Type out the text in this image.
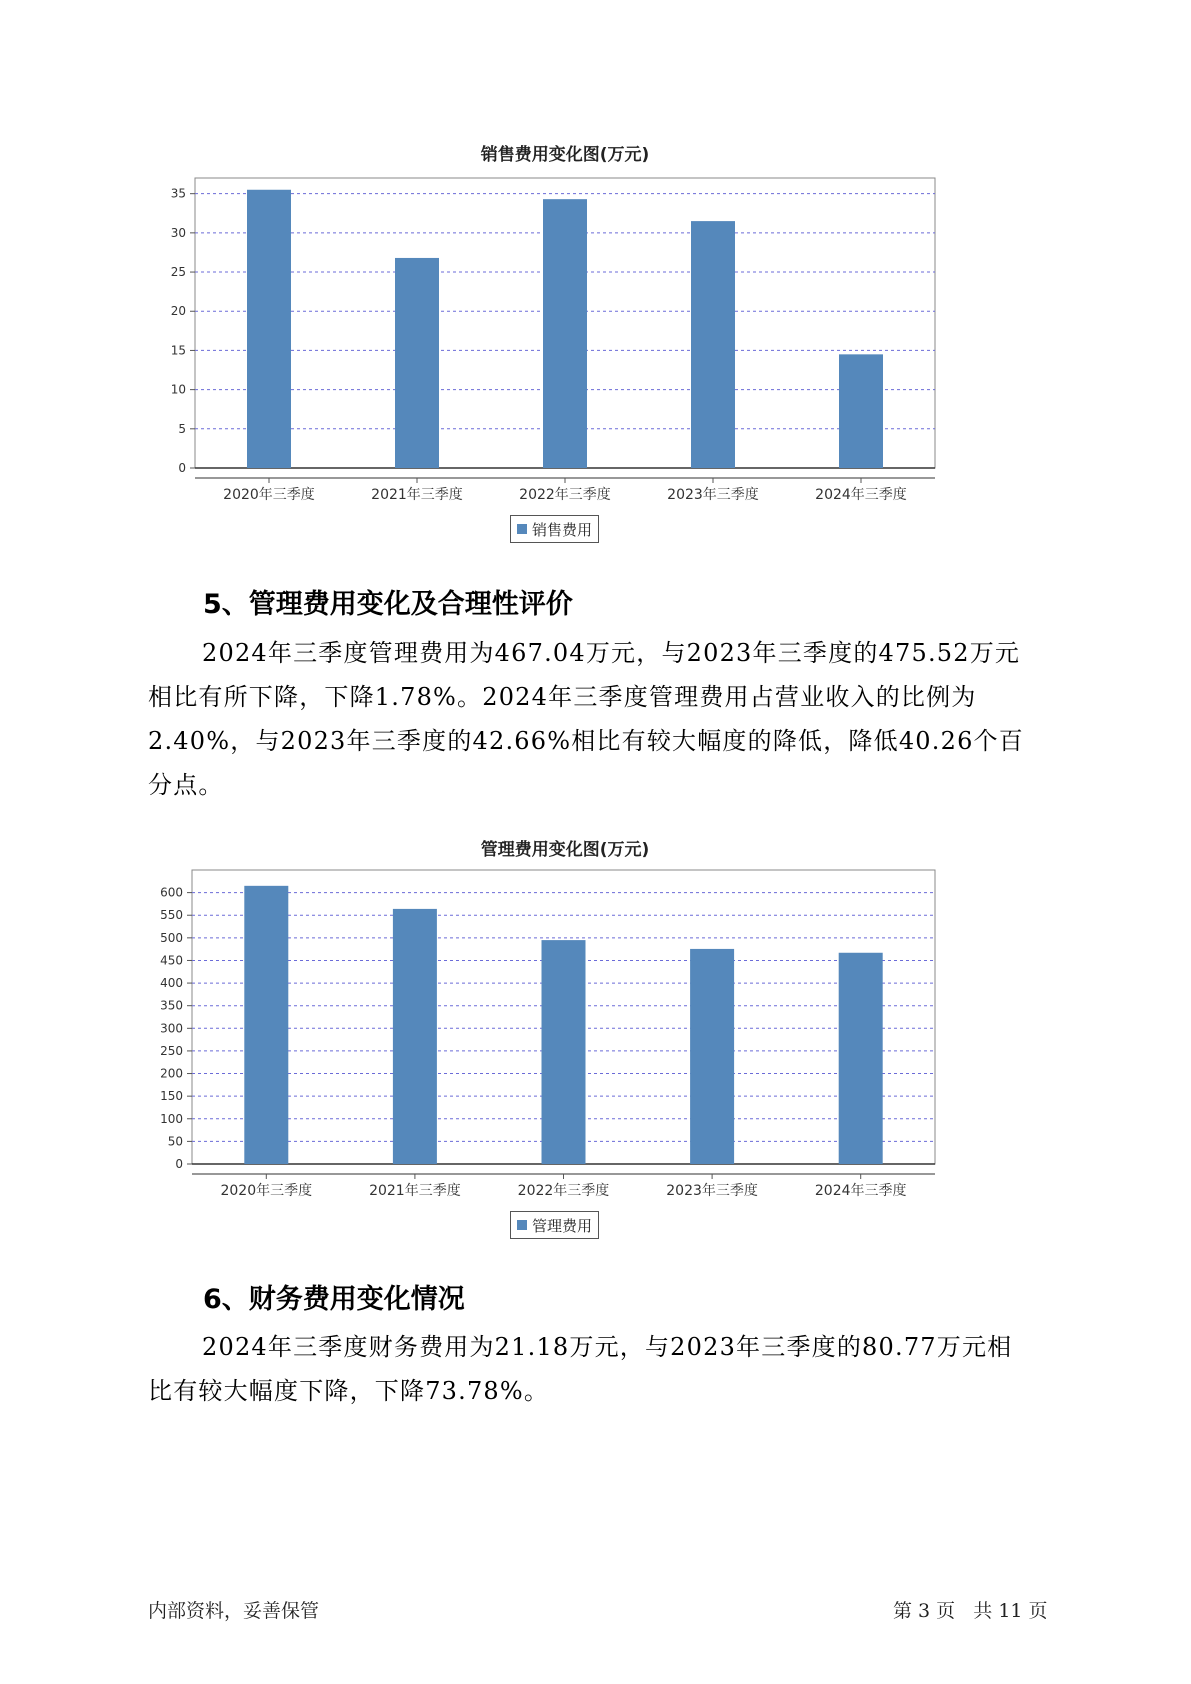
销售费用变化图(万元)
0
5
10
15
20
25
30
35
2020年三季度	2021年三季度	2022年三季度	2023年三季度	2024年三季度
销售费用
5、管理费用变化及合理性评价
2024年三季度管理费用为467.04万元，与2023年三季度的475.52万元
相比有所下降，下降1.78%。2024年三季度管理费用占营业收入的比例为
2.40%，与2023年三季度的42.66%相比有较大幅度的降低，降低40.26个百
分点。
管理费用变化图(万元)
0
50
100
150
200
250
300
350
400
450
500
550
600
2020年三季度	2021年三季度	2022年三季度	2023年三季度	2024年三季度
管理费用
6、财务费用变化情况
2024年三季度财务费用为21.18万元，与2023年三季度的80.77万元相
比有较大幅度下降，下降73.78%。
内部资料，妥善保管	第 3 页   共 11 页
